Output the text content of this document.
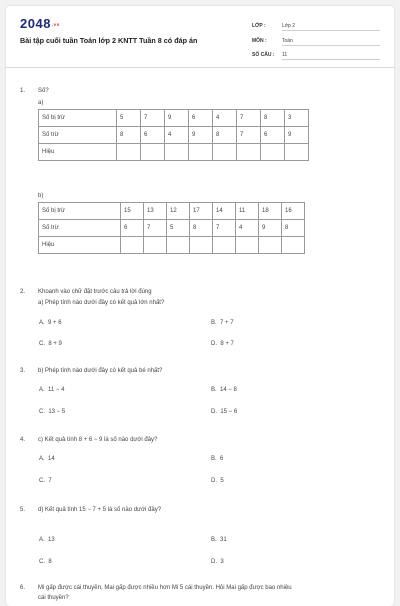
2048.vn
Bài tập cuối tuần Toán lớp 2 KNTT Tuần 8 có đáp án
LỚP :	Lớp 2
MÔN :	Toán
SỐ CÂU : 11
1. Số?
a)
Số bị trừ	5	7	9	6	4	7	8	3
Số trừ	8	6	4	9	8	7	6	9
Hiệu								
b)
Số bị trừ	15	13	12	17	14	11	18	16
Số trừ	6	7	5	8	7	4	9	8
Hiệu								
2. Khoanh vào chữ đặt trước câu trả lời đúng
a) Phép tính nào dưới đây có kết quả lớn nhất?
A. 9 + 6	B. 7 + 7
C. 8 + 9	D. 8 + 7
3. b) Phép tính nào dưới đây có kết quả bé nhất?
A. 11 − 4	B. 14 − 8
C. 13 − 5	D. 15 − 6
4. c) Kết quả tính 8 + 6 − 9 là số nào dưới đây?
A. 14	B. 6
C. 7	D. 5
5. d) Kết quả tính 15 − 7 + 5 là số nào dưới đây?
A. 13	B. 31
C. 8	D. 3
6. Mi gấp được cái thuyền, Mai gấp được nhiều hơn Mi 5 cái thuyền. Hỏi Mai gấp được bao nhiêu
cái thuyền?
